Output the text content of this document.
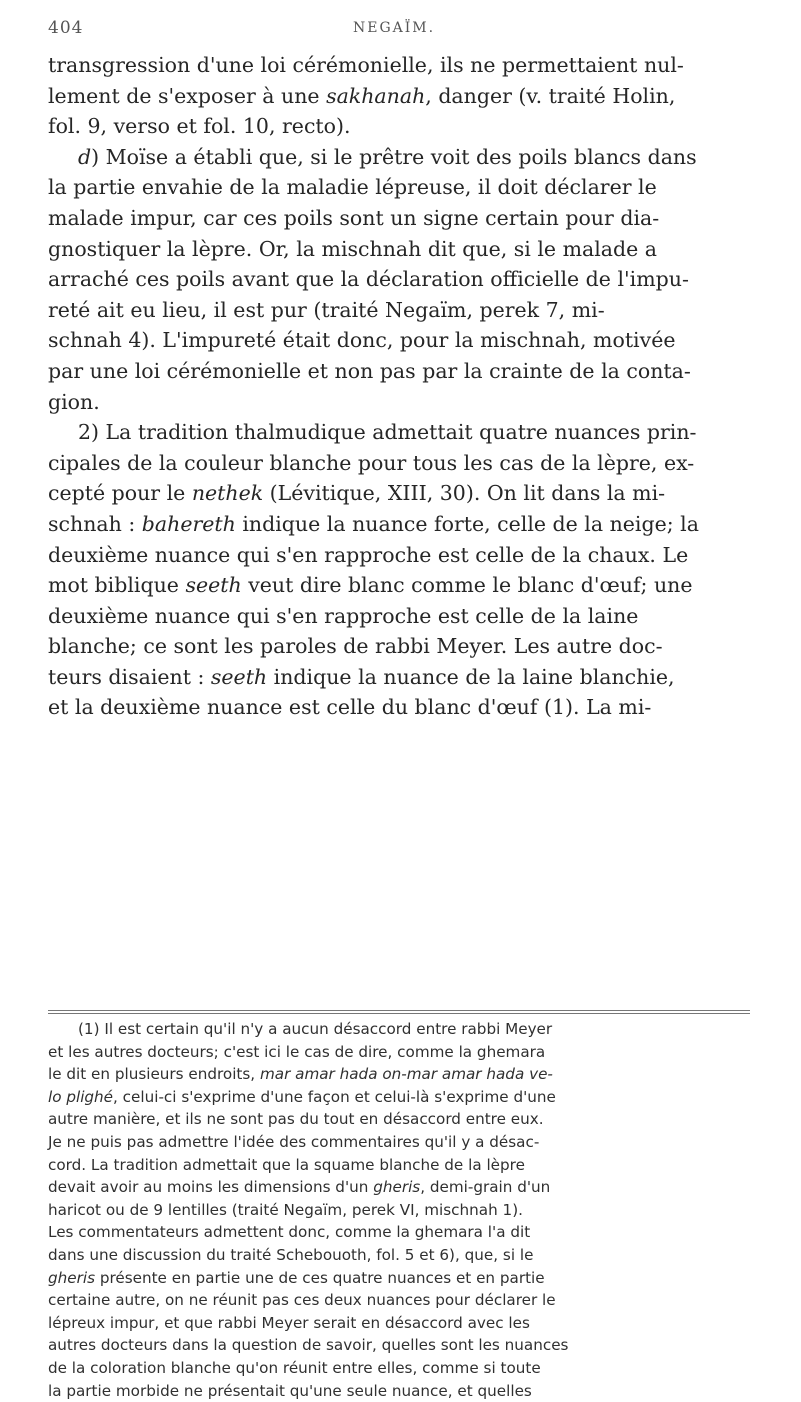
404	NEGAÏM.
transgression d'une loi cérémonielle, ils ne permettaient nul-
lement de s'exposer à une sakhanah, danger (v. traité Holin,
fol. 9, verso et fol. 10, recto).
d) Moïse a établi que, si le prêtre voit des poils blancs dans
la partie envahie de la maladie lépreuse, il doit déclarer le
malade impur, car ces poils sont un signe certain pour dia-
gnostiquer la lèpre. Or, la mischnah dit que, si le malade a
arraché ces poils avant que la déclaration officielle de l'impu-
reté ait eu lieu, il est pur (traité Negaïm, perek 7, mi-
schnah 4). L'impureté était donc, pour la mischnah, motivée
par une loi cérémonielle et non pas par la crainte de la conta-
gion.
2) La tradition thalmudique admettait quatre nuances prin-
cipales de la couleur blanche pour tous les cas de la lèpre, ex-
cepté pour le nethek (Lévitique, XIII, 30). On lit dans la mi-
schnah : bahereth indique la nuance forte, celle de la neige; la
deuxième nuance qui s'en rapproche est celle de la chaux. Le
mot biblique seeth veut dire blanc comme le blanc d'œuf; une
deuxième nuance qui s'en rapproche est celle de la laine
blanche; ce sont les paroles de rabbi Meyer. Les autre doc-
teurs disaient : seeth indique la nuance de la laine blanchie,
et la deuxième nuance est celle du blanc d'œuf (1). La mi-
(1) Il est certain qu'il n'y a aucun désaccord entre rabbi Meyer
et les autres docteurs; c'est ici le cas de dire, comme la ghemara
le dit en plusieurs endroits, mar amar hada on-mar amar hada ve-
lo plighé, celui-ci s'exprime d'une façon et celui-là s'exprime d'une
autre manière, et ils ne sont pas du tout en désaccord entre eux.
Je ne puis pas admettre l'idée des commentaires qu'il y a désac-
cord. La tradition admettait que la squame blanche de la lèpre
devait avoir au moins les dimensions d'un gheris, demi-grain d'un
haricot ou de 9 lentilles (traité Negaïm, perek VI, mischnah 1).
Les commentateurs admettent donc, comme la ghemara l'a dit
dans une discussion du traité Schebouoth, fol. 5 et 6), que, si le
gheris présente en partie une de ces quatre nuances et en partie
certaine autre, on ne réunit pas ces deux nuances pour déclarer le
lépreux impur, et que rabbi Meyer serait en désaccord avec les
autres docteurs dans la question de savoir, quelles sont les nuances
de la coloration blanche qu'on réunit entre elles, comme si toute
la partie morbide ne présentait qu'une seule nuance, et quelles
